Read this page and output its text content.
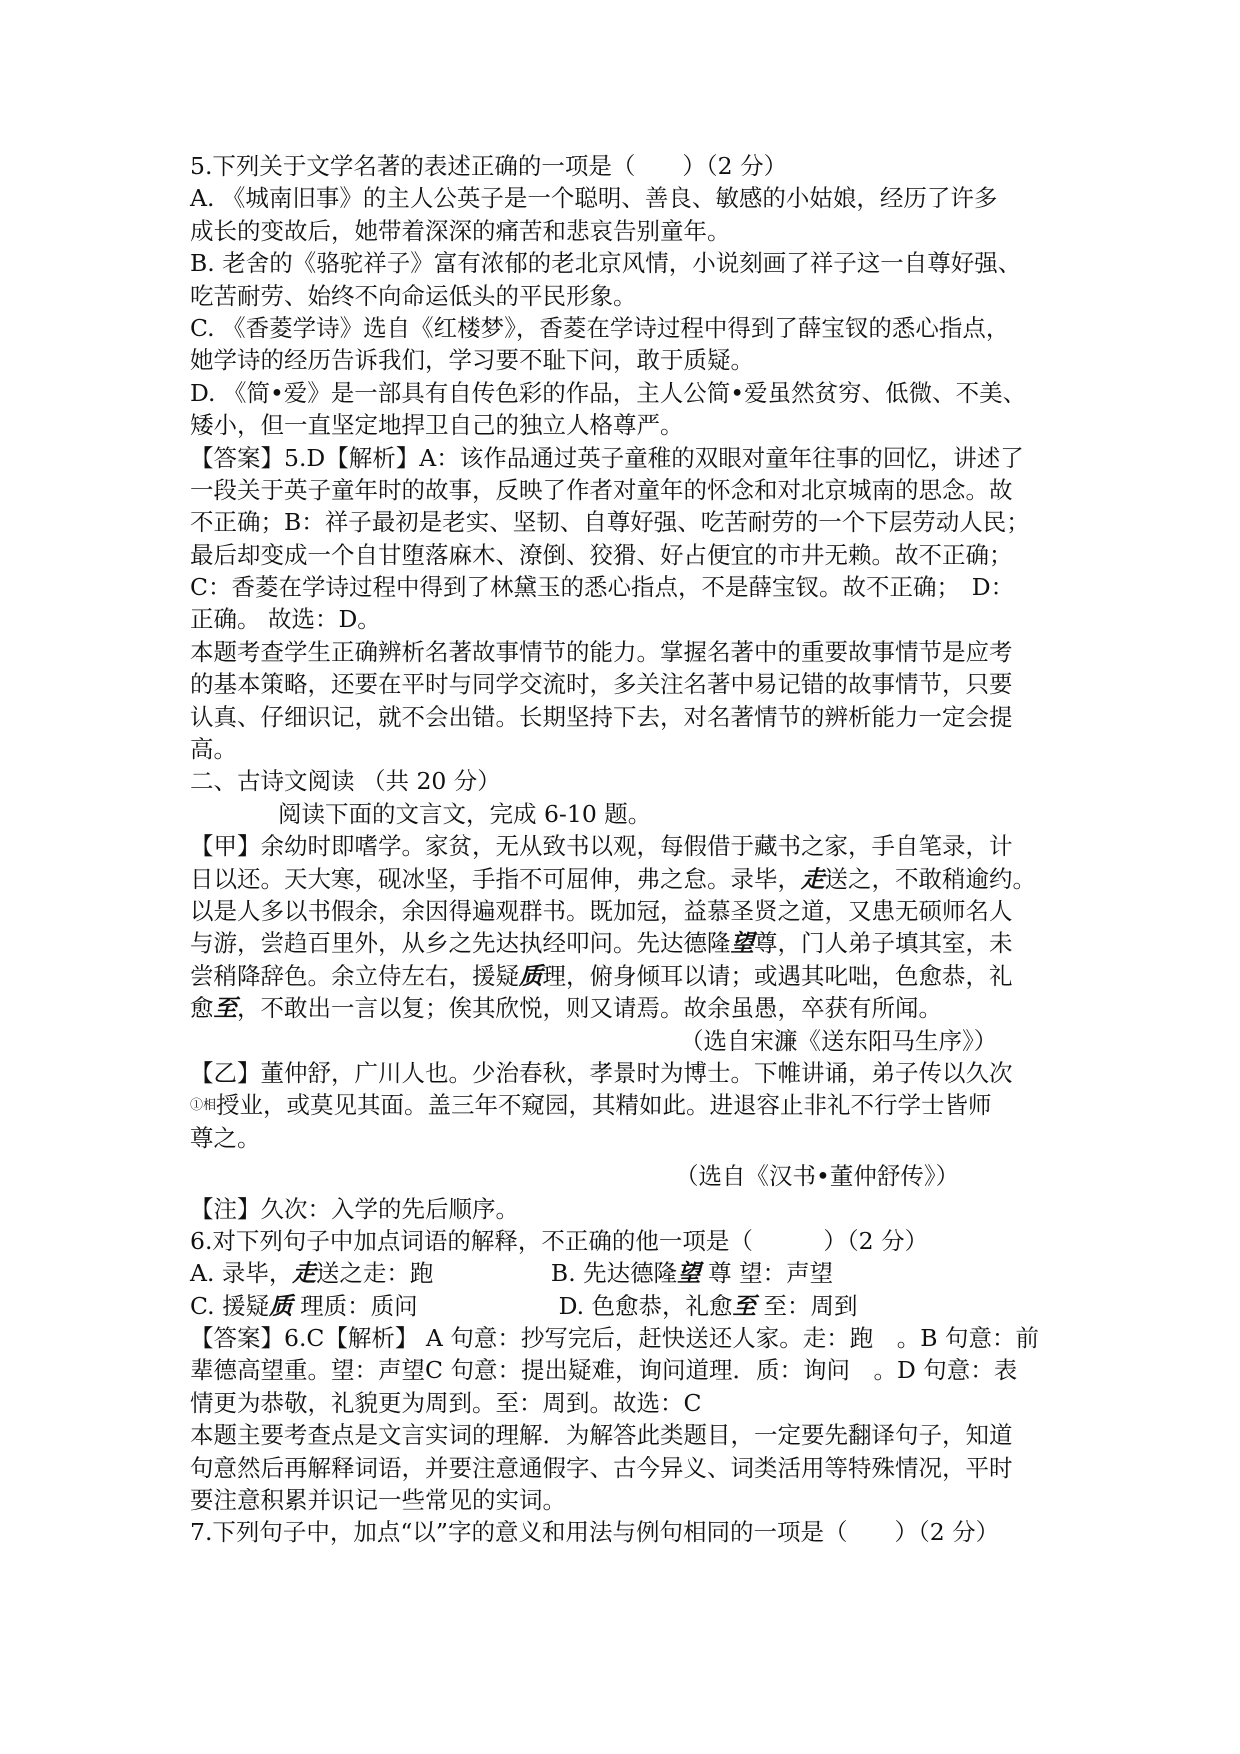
5.下列关于文学名著的表述正确的一项是（　　）（2 分）
A. 《城南旧事》的主人公英子是一个聪明、善良、敏感的小姑娘，经历了许多
成长的变故后，她带着深深的痛苦和悲哀告别童年。
B. 老舍的《骆驼祥子》富有浓郁的老北京风情，小说刻画了祥子这一自尊好强、
吃苦耐劳、始终不向命运低头的平民形象。
C. 《香菱学诗》选自《红楼梦》，香菱在学诗过程中得到了薛宝钗的悉心指点，
她学诗的经历告诉我们，学习要不耻下问，敢于质疑。
D. 《简•爱》是一部具有自传色彩的作品，主人公简•爱虽然贫穷、低微、不美、
矮小，但一直坚定地捍卫自己的独立人格尊严。
【答案】5.D【解析】A：该作品通过英子童稚的双眼对童年往事的回忆，讲述了
一段关于英子童年时的故事，反映了作者对童年的怀念和对北京城南的思念。故
不正确；B：祥子最初是老实、坚韧、自尊好强、吃苦耐劳的一个下层劳动人民；
最后却变成一个自甘堕落麻木、潦倒、狡猾、好占便宜的市井无赖。故不正确；
C：香菱在学诗过程中得到了林黛玉的悉心指点，不是薛宝钗。故不正确；　D：
正确。 故选：D。
本题考查学生正确辨析名著故事情节的能力。掌握名著中的重要故事情节是应考
的基本策略，还要在平时与同学交流时，多关注名著中易记错的故事情节，只要
认真、仔细识记，就不会出错。长期坚持下去，对名著情节的辨析能力一定会提
高。
二、古诗文阅读 （共 20 分）
阅读下面的文言文，完成 6-10 题。
【甲】余幼时即嗜学。家贫，无从致书以观，每假借于藏书之家，手自笔录，计
日以还。天大寒，砚冰坚，手指不可屈伸，弗之怠。录毕，走送之，不敢稍逾约。
以是人多以书假余，余因得遍观群书。既加冠，益慕圣贤之道，又患无硕师名人
与游，尝趋百里外，从乡之先达执经叩问。先达德隆望尊，门人弟子填其室，未
尝稍降辞色。余立侍左右，援疑质理，俯身倾耳以请；或遇其叱咄，色愈恭，礼
愈至，不敢出一言以复；俟其欣悦，则又请焉。故余虽愚，卒获有所闻。
（选自宋濂《送东阳马生序》）
【乙】董仲舒，广川人也。少治春秋，孝景时为博士。下帷讲诵，弟子传以久次
$^{①相}$授业，或莫见其面。盖三年不窥园，其精如此。进退容止非礼不行学士皆师
尊之。
（选自《汉书•董仲舒传》）
【注】久次：入学的先后顺序。
6.对下列句子中加点词语的解释，不正确的他一项是（　　　）（2 分）
A. 录毕，走送之走：跑　　　　　B. 先达德隆望 尊 望：声望
C. 援疑质 理质：质问　　　　　　D. 色愈恭，礼愈至 至：周到
【答案】6.C【解析】 A 句意：抄写完后，赶快送还人家。走：跑　。B 句意：前
辈德高望重。望：声望C 句意：提出疑难，询问道理．质：询问　。D 句意：表
情更为恭敬，礼貌更为周到。至：周到。故选：C
本题主要考查点是文言实词的理解．为解答此类题目，一定要先翻译句子，知道
句意然后再解释词语，并要注意通假字、古今异义、词类活用等特殊情况，平时
要注意积累并识记一些常见的实词。
7.下列句子中，加点“以”字的意义和用法与例句相同的一项是（　　）（2 分）
